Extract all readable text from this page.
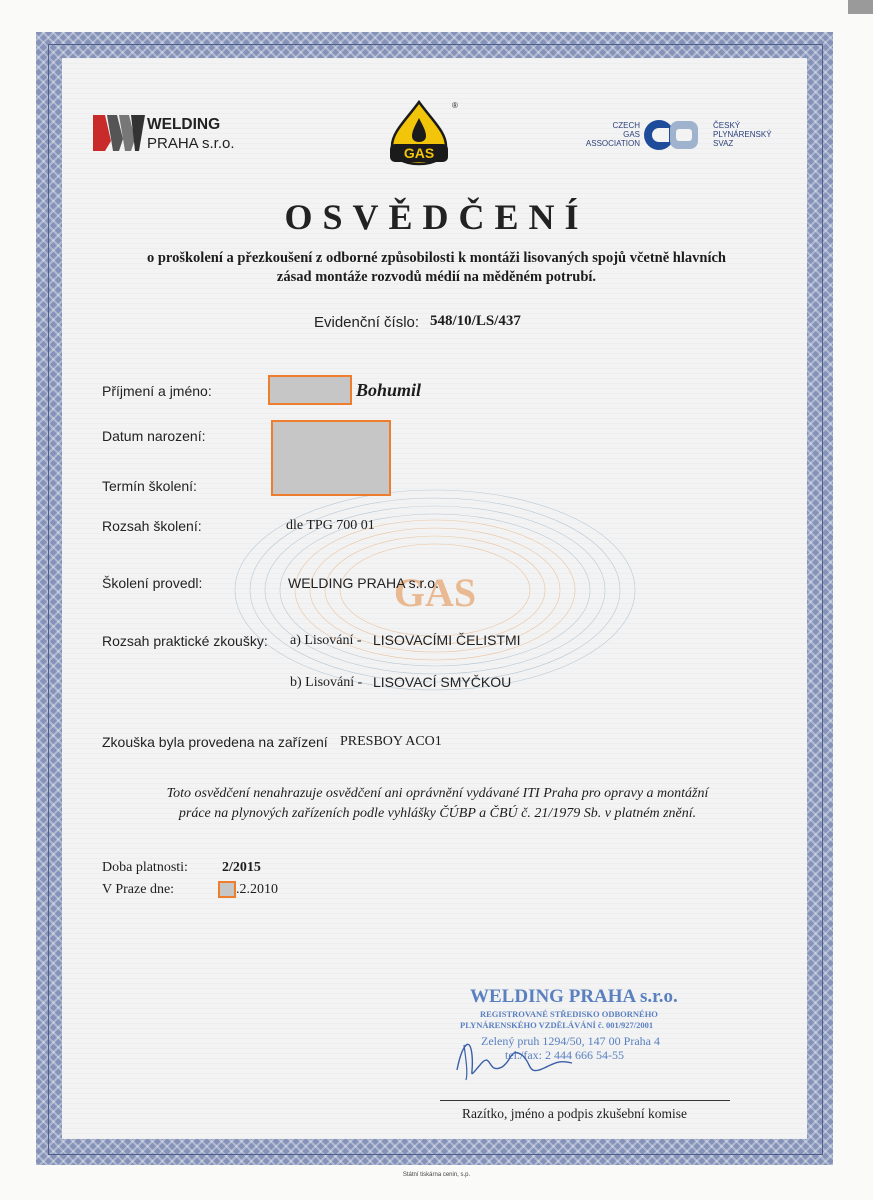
GAS
WELDING
PRAHA s.r.o.
GAS
®
CZECH
GAS
ASSOCIATION
ČESKÝ
PLYNÁRENSKÝ
SVAZ
OSVĚDČENÍ
o proškolení a přezkoušení z odborné způsobilosti k montáži lisovaných spojů včetně hlavních
zásad montáže rozvodů médií na měděném potrubí.
Evidenční číslo: 548/10/LS/437
Příjmení a jméno:	Bohumil
Datum narození:
Termín školení:
Rozsah školení:	dle TPG 700 01
Školení provedl:	WELDING PRAHA s.r.o.
Rozsah praktické zkoušky: a) Lisování - LISOVACÍMI ČELISTMI
b) Lisování - LISOVACÍ SMYČKOU
Zkouška byla provedena na zařízení PRESBOY ACO1
Toto osvědčení nenahrazuje osvědčení ani oprávnění vydávané ITI Praha pro opravy a montážní
práce na plynových zařízeních podle vyhlášky ČÚBP a ČBÚ č. 21/1979 Sb. v platném znění.
Doba platnosti: 2/2015
V Praze dne:	.2.2010
WELDING PRAHA s.r.o.
REGISTROVANÉ STŘEDISKO ODBORNÉHO
PLYNÁRENSKÉHO VZDĚLÁVÁNÍ č. 001/927/2001
Zelený pruh 1294/50, 147 00 Praha 4
tel./fax: 2 444 666 54-55
Razítko, jméno a podpis zkušební komise
Státní tiskárna cenin, s.p.
